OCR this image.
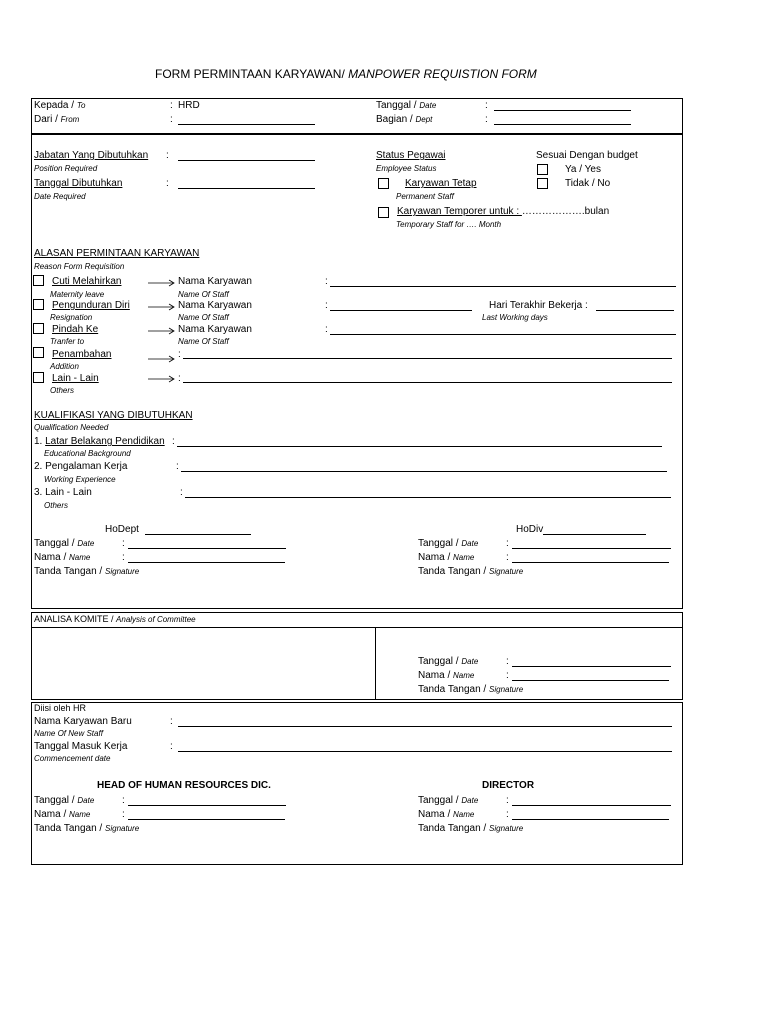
FORM PERMINTAAN KARYAWAN/ MANPOWER REQUISTION FORM
Kepada / To	: HRD
Dari / From	:
Tanggal / Date	:
Bagian / Dept	:
Jabatan Yang Dibutuhkan
Position Required
:
Tanggal Dibutuhkan
Date Required
:
Status Pegawai
Employee Status
Karyawan Tetap
Permanent Staff
Karyawan Temporer untuk : ……………….bulan
Temporary Staff for …. Month
Sesuai Dengan budget
Ya / Yes
Tidak / No
ALASAN PERMINTAAN KARYAWAN
Reason Form Requisition
Cuti Melahirkan
Maternity leave
Nama Karyawan
Name Of Staff
:
Pengunduran Diri
Resignation
Nama Karyawan
Name Of Staff
:	Hari Terakhir Bekerja :
Last Working days
Pindah Ke
Tranfer to
Nama Karyawan
Name Of Staff
:
Penambahan
Addition
:
Lain - Lain
Others
:
KUALIFIKASI YANG DIBUTUHKAN
Qualification Needed
1. Latar Belakang Pendidikan :
Educational Background
2. Pengalaman Kerja	:
Working Experience
3. Lain - Lain	:
Others
HoDept	HoDiv
Tanggal / Date	:
Nama / Name	:
Tanda Tangan / Signature
Tanggal / Date	:
Nama / Name	:
Tanda Tangan / Signature
ANALISA KOMITE / Analysis of Committee
Tanggal / Date	:
Nama / Name	:
Tanda Tangan / Signature
Diisi oleh HR
Nama Karyawan Baru	:
Name Of New Staff
Tanggal Masuk Kerja	:
Commencement date
HEAD OF HUMAN RESOURCES DIC.	DIRECTOR
Tanggal / Date	:
Nama / Name	:
Tanda Tangan / Signature
Tanggal / Date	:
Nama / Name	:
Tanda Tangan / Signature
